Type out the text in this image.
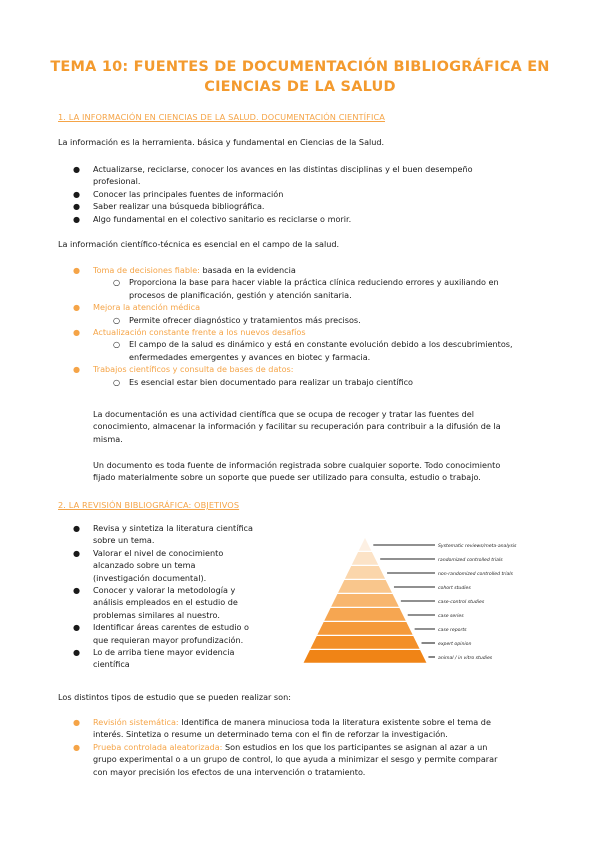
TEMA 10: FUENTES DE DOCUMENTACIÓN BIBLIOGRÁFICA EN
CIENCIAS DE LA SALUD
1. LA INFORMACIÓN EN CIENCIAS DE LA SALUD. DOCUMENTACIÓN CIENTÍFICA

La información es la herramienta. básica y fundamental en Ciencias de la Salud.

● Actualizarse, reciclarse, conocer los avances en las distintas disciplinas y el buen desempeño
profesional.
● Conocer las principales fuentes de información
● Saber realizar una búsqueda bibliográfica.
● Algo fundamental en el colectivo sanitario es reciclarse o morir.

La información científico-técnica es esencial en el campo de la salud.

● Toma de decisiones fiable: basada en la evidencia
○ Proporciona la base para hacer viable la práctica clínica reduciendo errores y auxiliando en
procesos de planificación, gestión y atención sanitaria.
● Mejora la atención médica
○ Permite ofrecer diagnóstico y tratamientos más precisos.
● Actualización constante frente a los nuevos desafíos
○ El campo de la salud es dinámico y está en constante evolución debido a los descubrimientos,
enfermedades emergentes y avances en biotec y farmacia.
● Trabajos científicos y consulta de bases de datos:
○ Es esencial estar bien documentado para realizar un trabajo científico
La documentación es una actividad científica que se ocupa de recoger y tratar las fuentes del
conocimiento, almacenar la información y facilitar su recuperación para contribuir a la difusión de la
misma.
Un documento es toda fuente de información registrada sobre cualquier soporte. Todo conocimiento
fijado materialmente sobre un soporte que puede ser utilizado para consulta, estudio o trabajo.
2. LA REVISIÓN BIBLIOGRÁFICA: OBJETIVOS
● Revisa y sintetiza la literatura científica
sobre un tema.
● Valorar el nivel de conocimiento

alcanzado sobre un tema
(investigación documental).
● Conocer y valorar la metodología y
análisis empleados en el estudio de
problemas similares al nuestro.
● Identificar áreas carentes de estudio o
que requieran mayor profundización.
● Lo de arriba tiene mayor evidencia
científica
Systematic reviews/meta-analysis
randomized controlled trials
non-randomized controlled trials
cohort studies
case-control studies
case series
case reports
expert opinion
animal / in vitro studies

Los distintos tipos de estudio que se pueden realizar son:

● Revisión sistemática: Identifica de manera minuciosa toda la literatura existente sobre el tema de
interés. Sintetiza o resume un determinado tema con el fin de reforzar la investigación.
● Prueba controlada aleatorizada: Son estudios en los que los participantes se asignan al azar a un
grupo experimental o a un grupo de control, lo que ayuda a minimizar el sesgo y permite comparar
con mayor precisión los efectos de una intervención o tratamiento.
